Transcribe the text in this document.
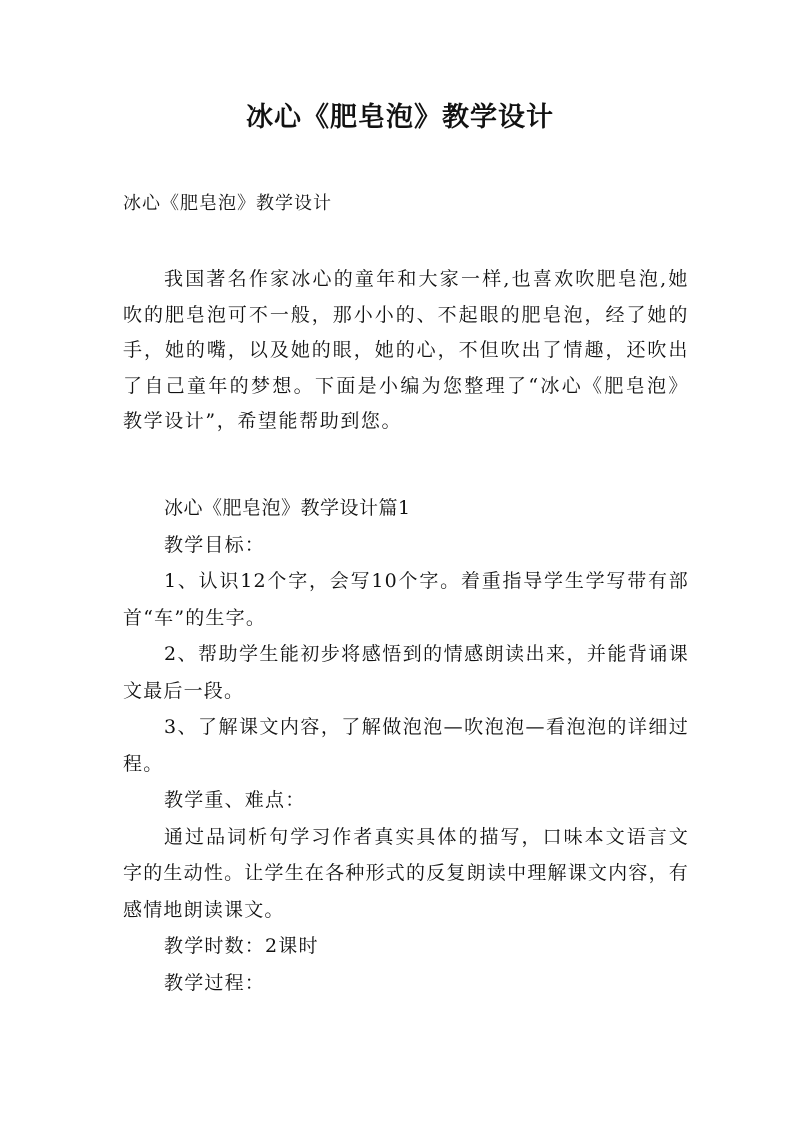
冰心《肥皂泡》教学设计
冰心《肥皂泡》教学设计

我国著名作家冰心的童年和大家一样,也喜欢吹肥皂泡,她吹的肥皂泡可不一般，那小小的、不起眼的肥皂泡，经了她的手，她的嘴，以及她的眼，她的心，不但吹出了情趣，还吹出了自己童年的梦想。下面是小编为您整理了“冰心《肥皂泡》教学设计”，希望能帮助到您。

冰心《肥皂泡》教学设计篇1

教学目标：

1、认识12个字，会写10个字。着重指导学生学写带有部首“车”的生字。

2、帮助学生能初步将感悟到的情感朗读出来，并能背诵课文最后一段。

3、了解课文内容，了解做泡泡—吹泡泡—看泡泡的详细过程。

教学重、难点：

通过品词析句学习作者真实具体的描写，口味本文语言文字的生动性。让学生在各种形式的反复朗读中理解课文内容，有感情地朗读课文。

教学时数：2课时

教学过程：
